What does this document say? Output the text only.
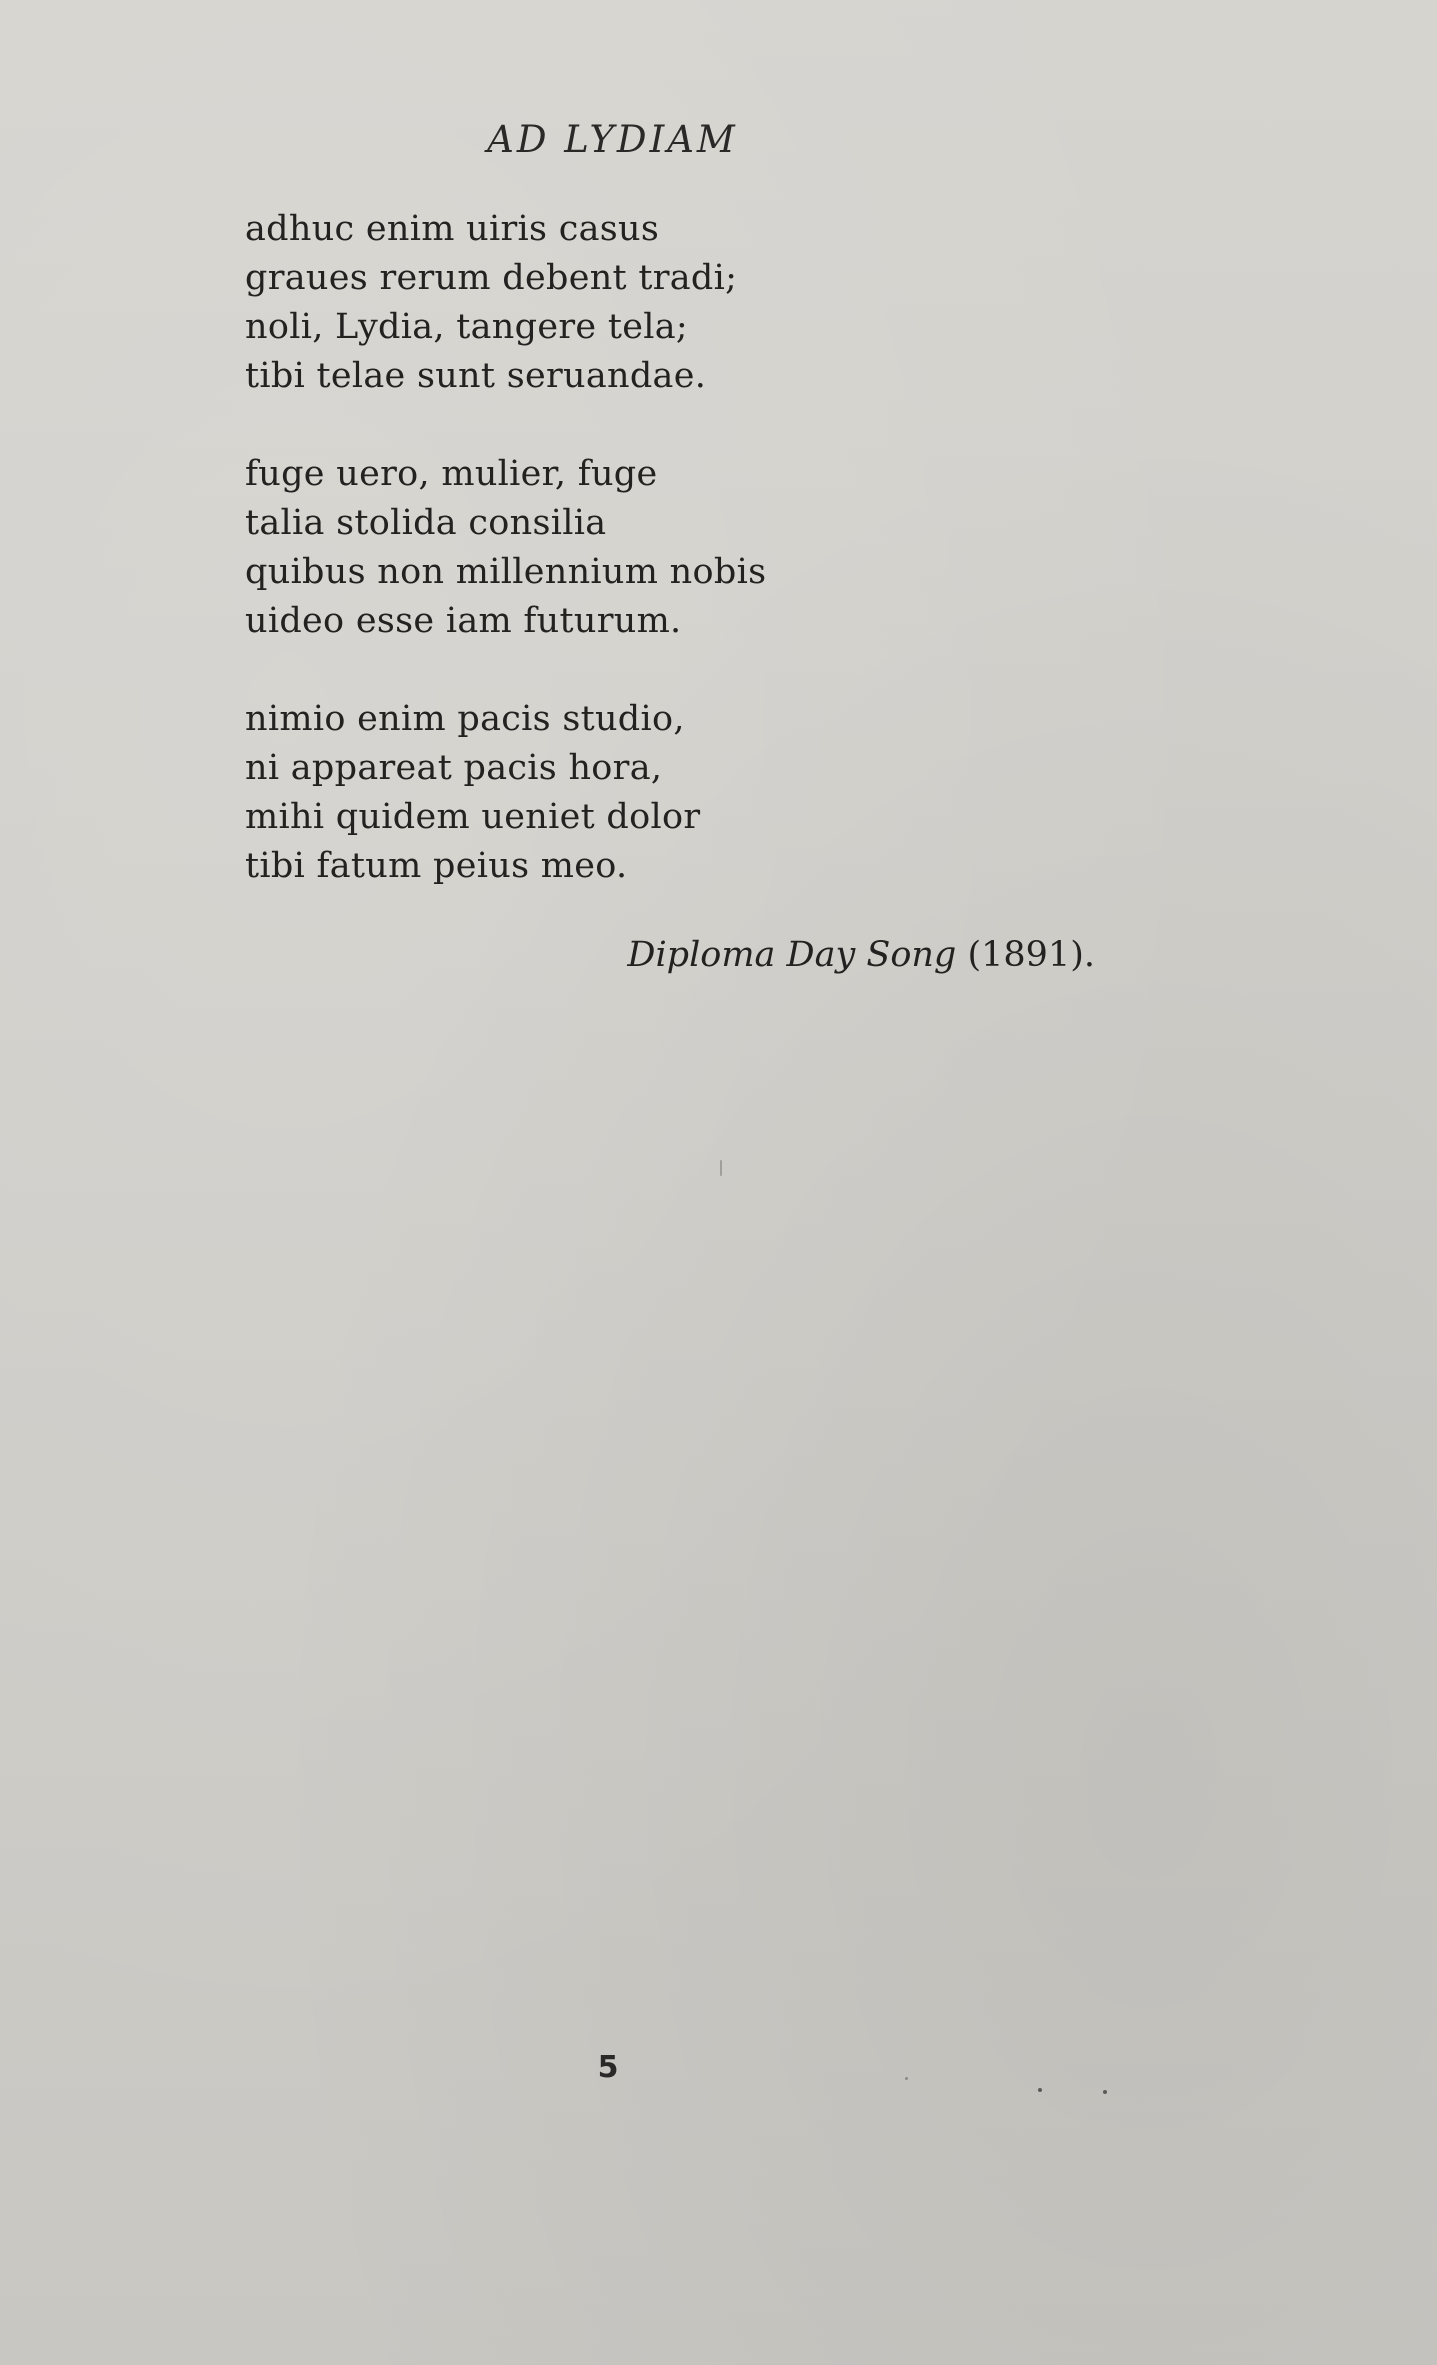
AD LYDIAM
adhuc enim uiris casus
graues rerum debent tradi;
noli, Lydia, tangere tela;
tibi telae sunt seruandae.
fuge uero, mulier, fuge
talia stolida consilia
quibus non millennium nobis
uideo esse iam futurum.
nimio enim pacis studio,
ni appareat pacis hora,
mihi quidem ueniet dolor
tibi fatum peius meo.
Diploma Day Song (1891).
5
